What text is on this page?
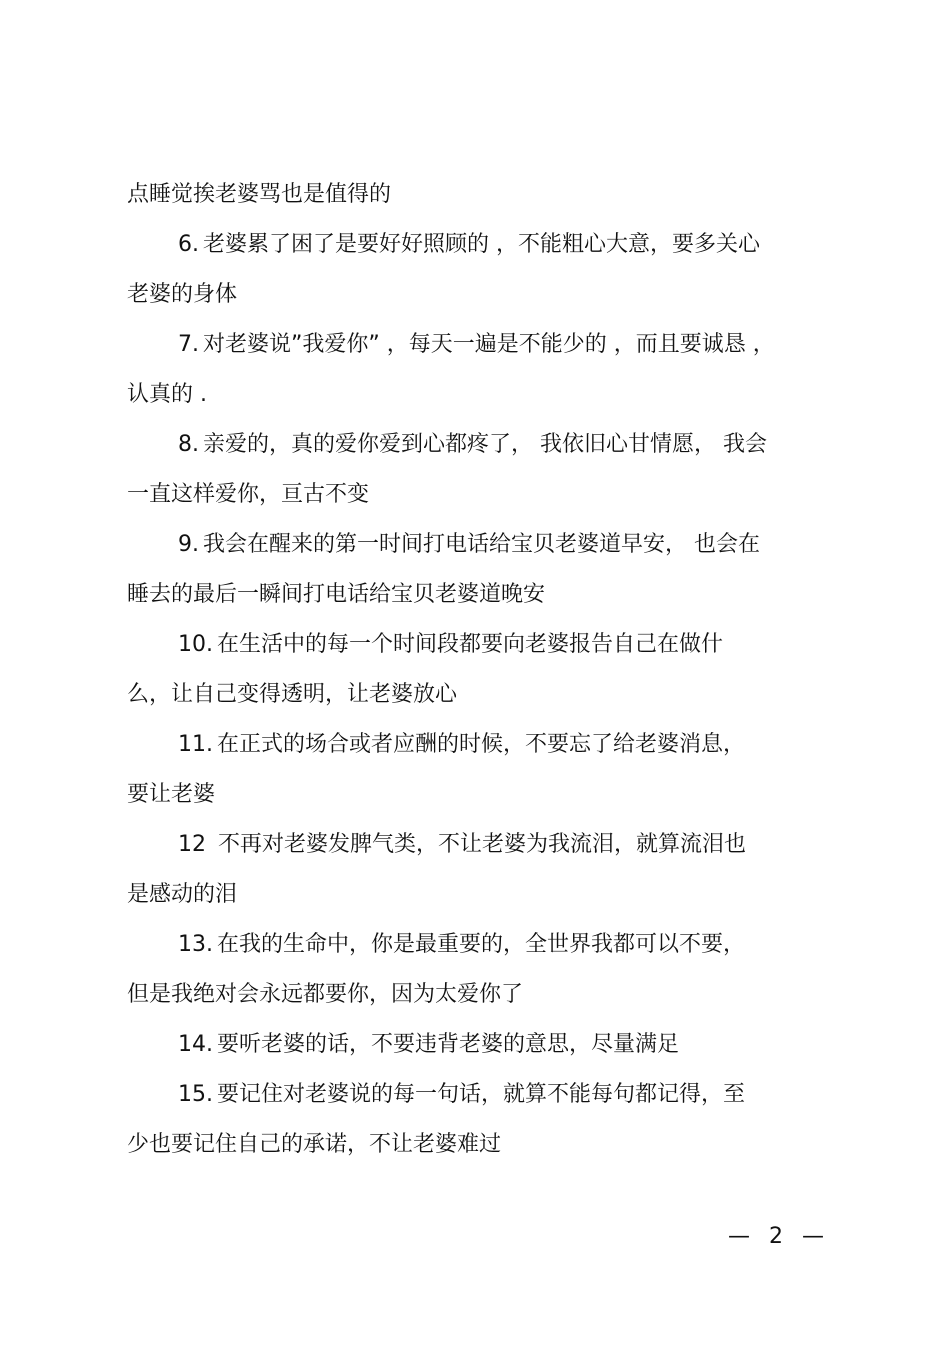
点睡觉挨老婆骂也是值得的
6. 老婆累了困了是要好好照顾的 ，不能粗心大意，要多关心
老婆的身体
7. 对老婆说”我爱你” ，每天一遍是不能少的 ，而且要诚恳 ，
认真的 .
8. 亲爱的，真的爱你爱到心都疼了， 我依旧心甘情愿， 我会
一直这样爱你，亘古不变
9. 我会在醒来的第一时间打电话给宝贝老婆道早安， 也会在
睡去的最后一瞬间打电话给宝贝老婆道晚安
10. 在生活中的每一个时间段都要向老婆报告自己在做什
么，让自己变得透明，让老婆放心
11. 在正式的场合或者应酬的时候，不要忘了给老婆消息，
要让老婆
12 不再对老婆发脾气类，不让老婆为我流泪，就算流泪也
是感动的泪
13. 在我的生命中，你是最重要的，全世界我都可以不要，
但是我绝对会永远都要你，因为太爱你了
14. 要听老婆的话，不要违背老婆的意思，尽量满足
15. 要记住对老婆说的每一句话，就算不能每句都记得，至
少也要记住自己的承诺，不让老婆难过
— 2 —
